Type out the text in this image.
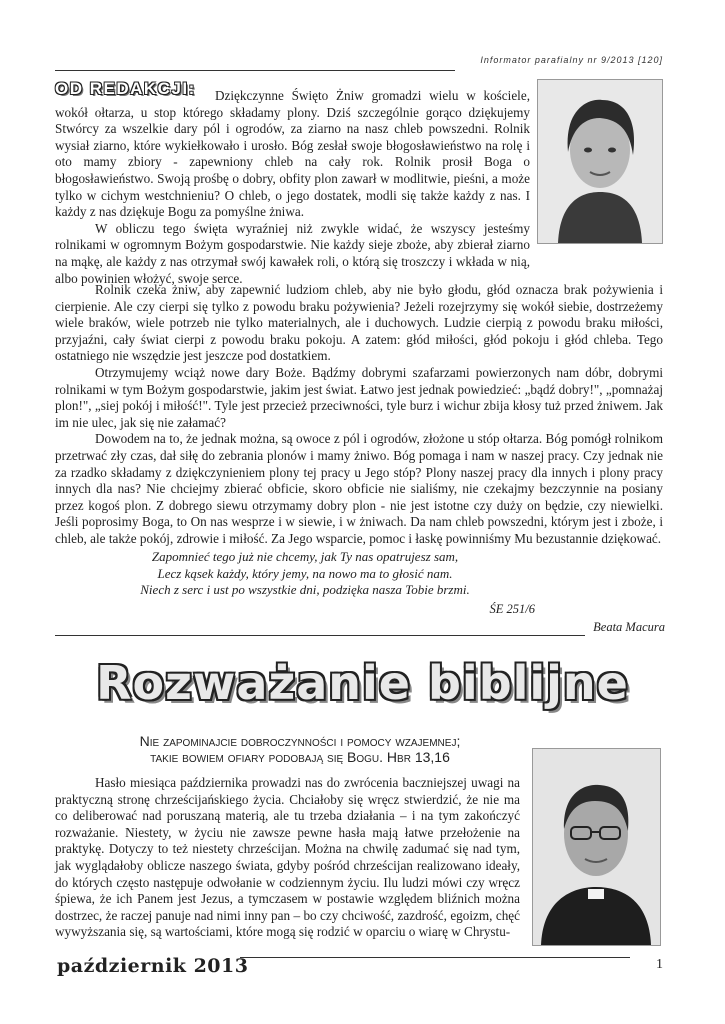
Informator parafialny nr 9/2013 [120]
OD REDAKCJI:	Dziękczynne Święto Żniw gromadzi wielu w kościele, wokół ołtarza, u stop którego składamy plony. Dziś szczególnie gorąco dziękujemy Stwórcy za wszelkie dary pól i ogrodów, za ziarno na nasz chleb powszedni. Rolnik wysiał ziarno, które wykiełkowało i urosło. Bóg zesłał swoje błogosławieństwo na rolę i oto mamy zbiory - zapewniony chleb na cały rok. Rolnik prosił Boga o błogosławieństwo. Swoją prośbę o dobry, obfity plon zawarł w modlitwie, pieśni, a może tylko w cichym westchnieniu? O chleb, o jego dostatek, modli się także każdy z nas. I każdy z nas dziękuje Bogu za pomyślne żniwa.

W obliczu tego święta wyraźniej niż zwykle widać, że wszyscy jesteśmy rolnikami w ogromnym Bożym gospodarstwie. Nie każdy sieje zboże, aby zbierał ziarno na mąkę, ale każdy z nas otrzymał swój kawałek roli, o którą się troszczy i wkłada w nią, albo powinien włożyć, swoje serce.

Rolnik czeka żniw, aby zapewnić ludziom chleb, aby nie było głodu, głód oznacza brak pożywienia i cierpienie. Ale czy cierpi się tylko z powodu braku pożywienia? Jeżeli rozejrzymy się wokół siebie, dostrzeżemy wiele braków, wiele potrzeb nie tylko materialnych, ale i duchowych. Ludzie cierpią z powodu braku miłości, przyjaźni, cały świat cierpi z powodu braku pokoju. A zatem: głód miłości, głód pokoju i głód chleba. Tego ostatniego nie wszędzie jest jeszcze pod dostatkiem.

Otrzymujemy wciąż nowe dary Boże. Bądźmy dobrymi szafarzami powierzonych nam dóbr, dobrymi rolnikami w tym Bożym gospodarstwie, jakim jest świat. Łatwo jest jednak powiedzieć: „bądź dobry!", „pomnażaj plon!", „siej pokój i miłość!". Tyle jest przecież przeciwności, tyle burz i wichur zbija kłosy tuż przed żniwem. Jak im nie ulec, jak się nie załamać?

Dowodem na to, że jednak można, są owoce z pól i ogrodów, złożone u stóp ołtarza. Bóg pomógł rolnikom przetrwać zły czas, dał siłę do zebrania plonów i mamy żniwo. Bóg pomaga i nam w naszej pracy. Czy jednak nie za rzadko składamy z dziękczynieniem plony tej pracy u Jego stóp? Plony naszej pracy dla innych i plony pracy innych dla nas? Nie chciejmy zbierać obficie, skoro obficie nie sialiśmy, nie czekajmy bezczynnie na posiany przez kogoś plon. Z dobrego siewu otrzymamy dobry plon - nie jest istotne czy duży on będzie, czy niewielki. Jeśli poprosimy Boga, to On nas wesprze i w siewie, i w żniwach. Da nam chleb powszedni, którym jest i zboże, i chleb, ale także pokój, zdrowie i miłość. Za Jego wsparcie, pomoc i łaskę powinniśmy Mu bezustannie dziękować.

Zapomnieć tego już nie chcemy, jak Ty nas opatrujesz sam,
Lecz kąsek każdy, który jemy, na nowo ma to głosić nam.
Niech z serc i ust po wszystkie dni, podzięka nasza Tobie brzmi.
ŚE 251/6
Beata Macura
Rozważanie biblijne
Nie zapominajcie dobroczynności i pomocy wzajemnej;
takie bowiem ofiary podobają się Bogu. Hbr 13,16

Hasło miesiąca października prowadzi nas do zwrócenia baczniejszej uwagi na praktyczną stronę chrześcijańskiego życia. Chciałoby się wręcz stwierdzić, że nie ma co deliberować nad poruszaną materią, ale tu trzeba działania – i na tym zakończyć rozważanie. Niestety, w życiu nie zawsze pewne hasła mają łatwe przełożenie na praktykę. Dotyczy to też niestety chrześcijan. Można na chwilę zadumać się nad tym, jak wyglądałoby oblicze naszego świata, gdyby pośród chrześcijan realizowano ideały, do których często następuje odwołanie w codziennym życiu. Ilu ludzi mówi czy wręcz śpiewa, że ich Panem jest Jezus, a tymczasem w postawie względem bliźnich można dostrzec, że raczej panuje nad nimi inny pan – bo czy chciwość, zazdrość, egoizm, chęć wywyższania się, są wartościami, które mogą się rodzić w oparciu o wiarę w Chrystu-

październik 2013	1
